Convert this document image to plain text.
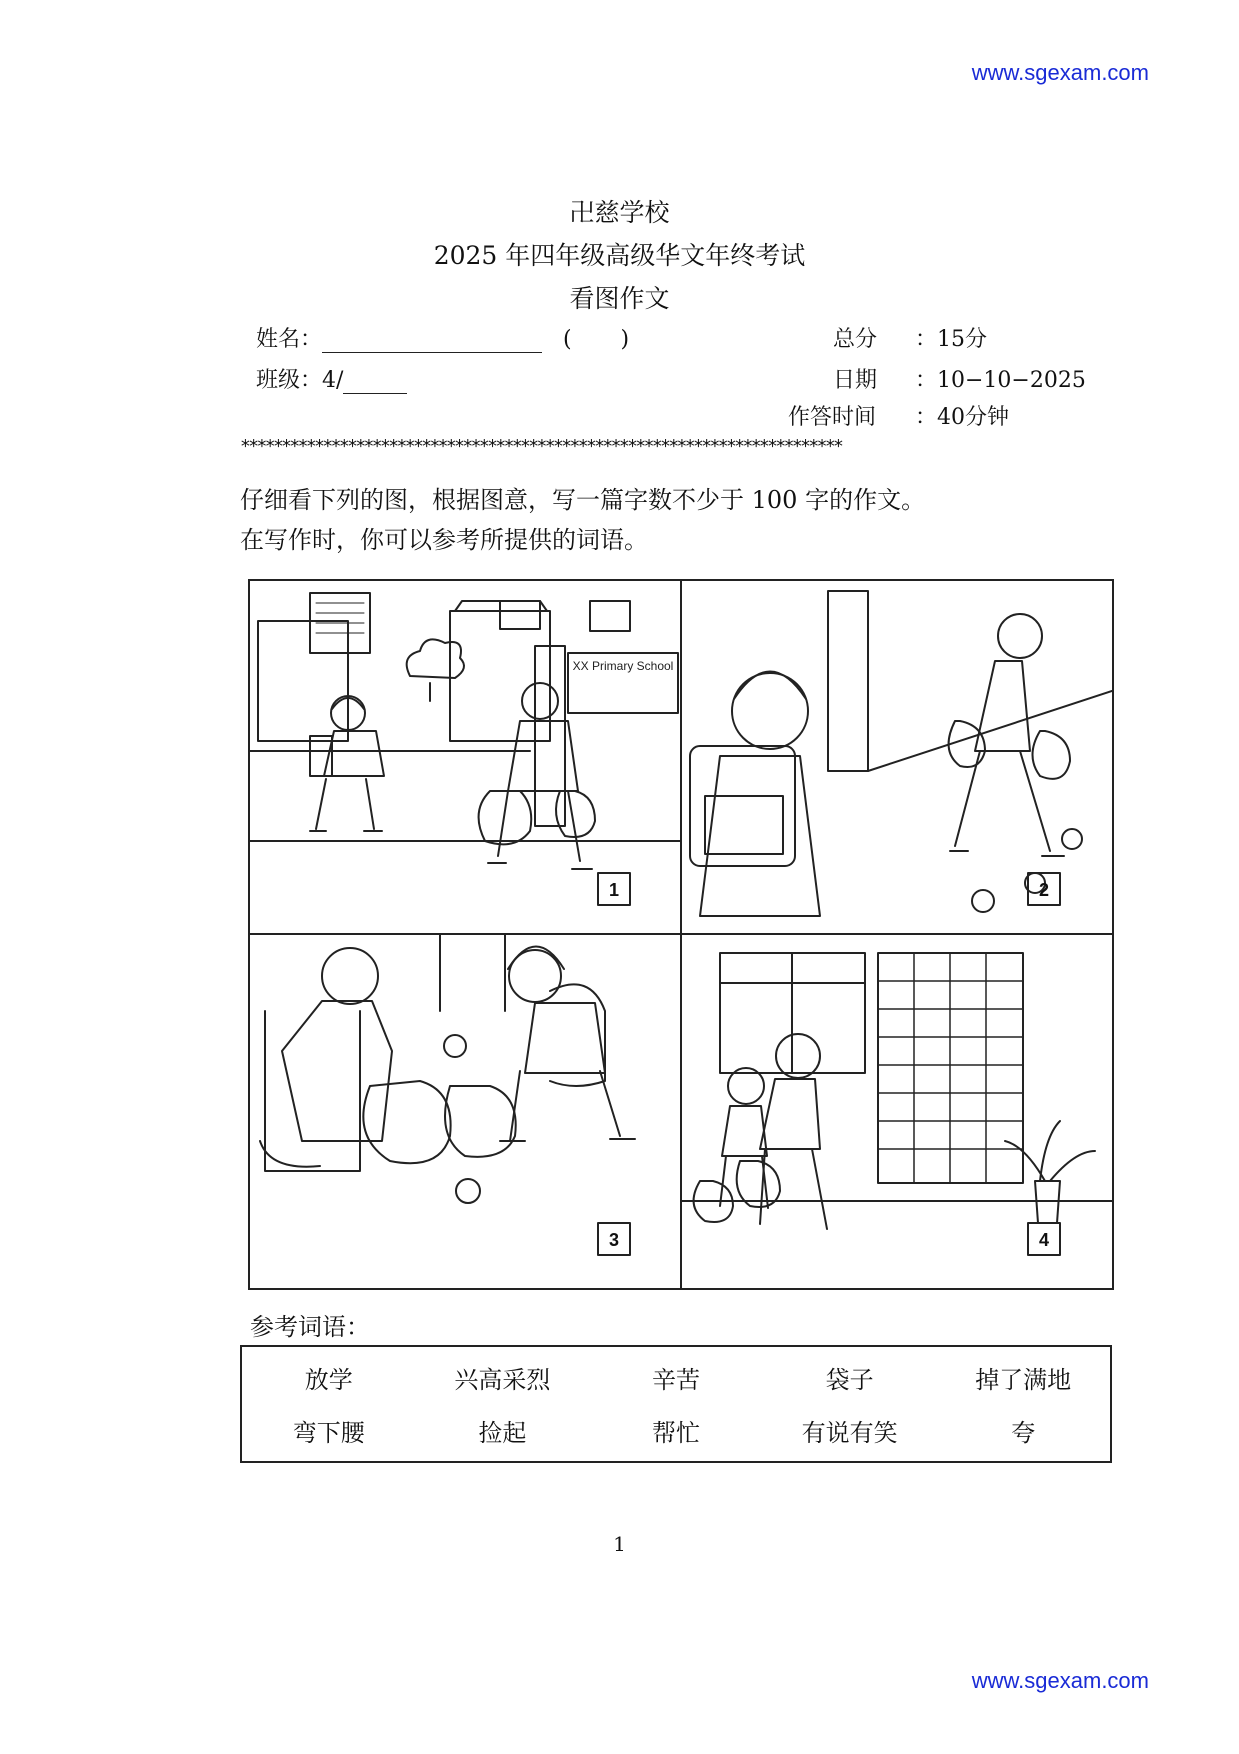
www.sgexam.com
卍慈学校
2025 年四年级高级华文年终考试
看图作文
姓名：	(       )
班级：4/
总分 ：15分
日期 ：10−10−2025
作答时间 ：40分钟
*************************************************************************
仔细看下列的图，根据图意，写一篇字数不少于 100 字的作文。
在写作时，你可以参考所提供的词语。
XX Primary School
1	2
3	4
参考词语：
放学	兴高采烈	辛苦	袋子	掉了满地
弯下腰	捡起	帮忙	有说有笑	夸
1
www.sgexam.com
